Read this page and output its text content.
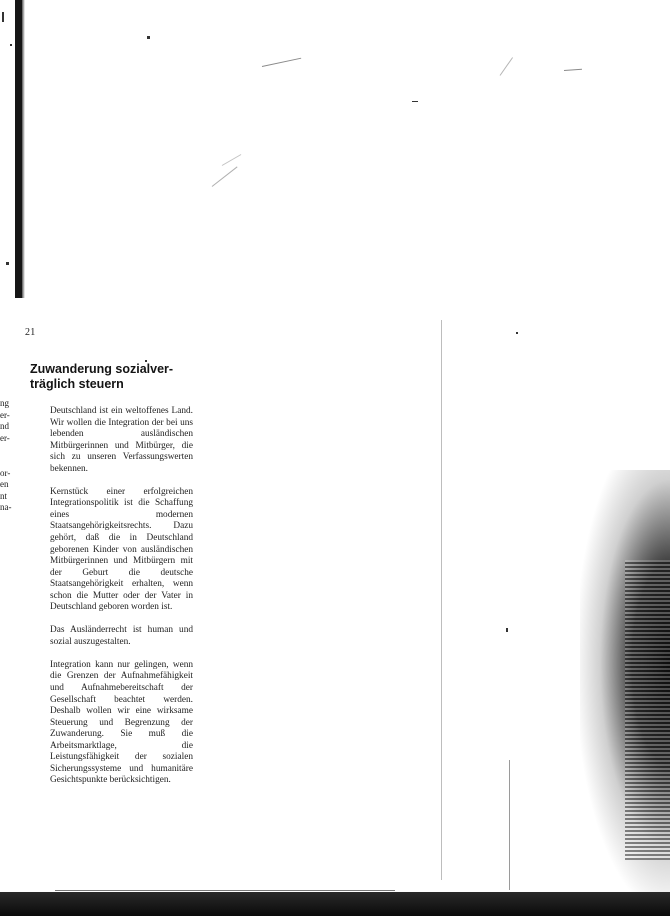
ng
er-
nd
er-
or-
en
nt
na-
21
Zuwanderung sozialver-
träglich steuern

Deutschland ist ein weltoffenes Land. Wir wollen die Integration der bei uns lebenden ausländischen Mitbürgerinnen und Mitbürger, die sich zu unseren Verfassungswerten bekennen.

Kernstück einer erfolgreichen Integrationspolitik ist die Schaffung eines modernen Staatsangehörigkeitsrechts. Dazu gehört, daß die in Deutschland geborenen Kinder von ausländischen Mitbürgerinnen und Mitbürgern mit der Geburt die deutsche Staatsangehörigkeit erhalten, wenn schon die Mutter oder der Vater in Deutschland geboren worden ist.

Das Ausländerrecht ist human und sozial auszugestalten.

Integration kann nur gelingen, wenn die Grenzen der Aufnahmefähigkeit und Aufnahmebereitschaft der Gesellschaft beachtet werden. Deshalb wollen wir eine wirksame Steuerung und Begrenzung der Zuwanderung. Sie muß die Arbeitsmarktlage, die Leistungsfähigkeit der sozialen Sicherungssysteme und humanitäre Gesichtspunkte berücksichtigen.
